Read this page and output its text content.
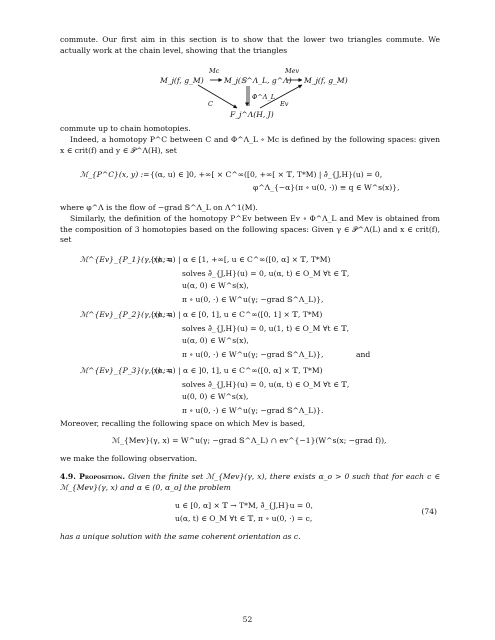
commute. Our first aim in this section is to show that the lower two triangles commute. We actually work at the chain level, showing that the triangles
M_j(f, g_M)	M_j(𝕊^Λ_L, g^Λ) M_j(f, g_M)
F_j^Λ(H, J)
Mc	Mev
C
Φ^Λ_L
Ev
commute up to chain homotopies.
Indeed, a homotopy P^C between C and Φ^Λ_L ∘ Mc is defined by the following spaces: given x ∈ crit(f) and y ∈ 𝒫^Λ(H), set
ℳ_{P^C}(x, y) := {(α, u) ∈ ]0, +∞[ × C^∞([0, +∞[ × 𝕋, T*M) | ∂̄_{J,H}(u) = 0,
φ^Λ_{−α}(π ∘ u(0, ·)) ≡ q ∈ W^s(x)},
where φ^Λ is the flow of −grad 𝕊^Λ_L on Λ^1(M).
Similarly, the definition of the homotopy P^Ev between Ev ∘ Φ^Λ_L and Mev is obtained from the composition of 3 homotopies based on the following spaces: Given γ ∈ 𝒫^Λ(L) and x ∈ crit(f), set
ℳ^{Ev}_{P_1}(γ, x) :=
{(α, u) | α ∈ [1, +∞[, u ∈ C^∞([0, α] × 𝕋, T*M)
solves ∂̄_{J,H}(u) = 0, u(α, t) ∈ O_M ∀t ∈ 𝕋,
u(α, 0) ∈ W^s(x),
π ∘ u(0, ·) ∈ W^u(γ; −grad 𝕊^Λ_L)},
ℳ^{Ev}_{P_2}(γ, x) :=
{(α, u) | α ∈ [0, 1], u ∈ C^∞([0, 1] × 𝕋, T*M)
solves ∂̄_{J,H}(u) = 0, u(1, t) ∈ O_M ∀t ∈ 𝕋,
u(α, 0) ∈ W^s(x),
π ∘ u(0, ·) ∈ W^u(γ; −grad 𝕊^Λ_L)},	and
ℳ^{Ev}_{P_3}(γ, x) :=
{(α, u) | α ∈ ]0, 1], u ∈ C^∞([0, α] × 𝕋, T*M)
solves ∂̄_{J,H}(u) = 0, u(α, t) ∈ O_M ∀t ∈ 𝕋,
u(0, 0) ∈ W^s(x),
π ∘ u(0, ·) ∈ W^u(γ; −grad 𝕊^Λ_L)}.
Moreover, recalling the following space on which Mev is based,
ℳ_{Mev}(γ, x) = W^u(γ; −grad 𝕊^Λ_L) ∩ ev^{−1}(W^s(x; −grad f)),
we make the following observation.
4.9. Proposition. Given the finite set ℳ_{Mev}(γ, x), there exists α_o > 0 such that for each c ∈ ℳ_{Mev}(γ, x) and α ∈ (0, α_o] the problem
u ∈ [0, α] × 𝕋 → T*M, ∂̄_{J,H}u = 0,
u(α, t) ∈ O_M ∀t ∈ 𝕋, π ∘ u(0, ·) = c,
(74)
has a unique solution with the same coherent orientation as c.
52
